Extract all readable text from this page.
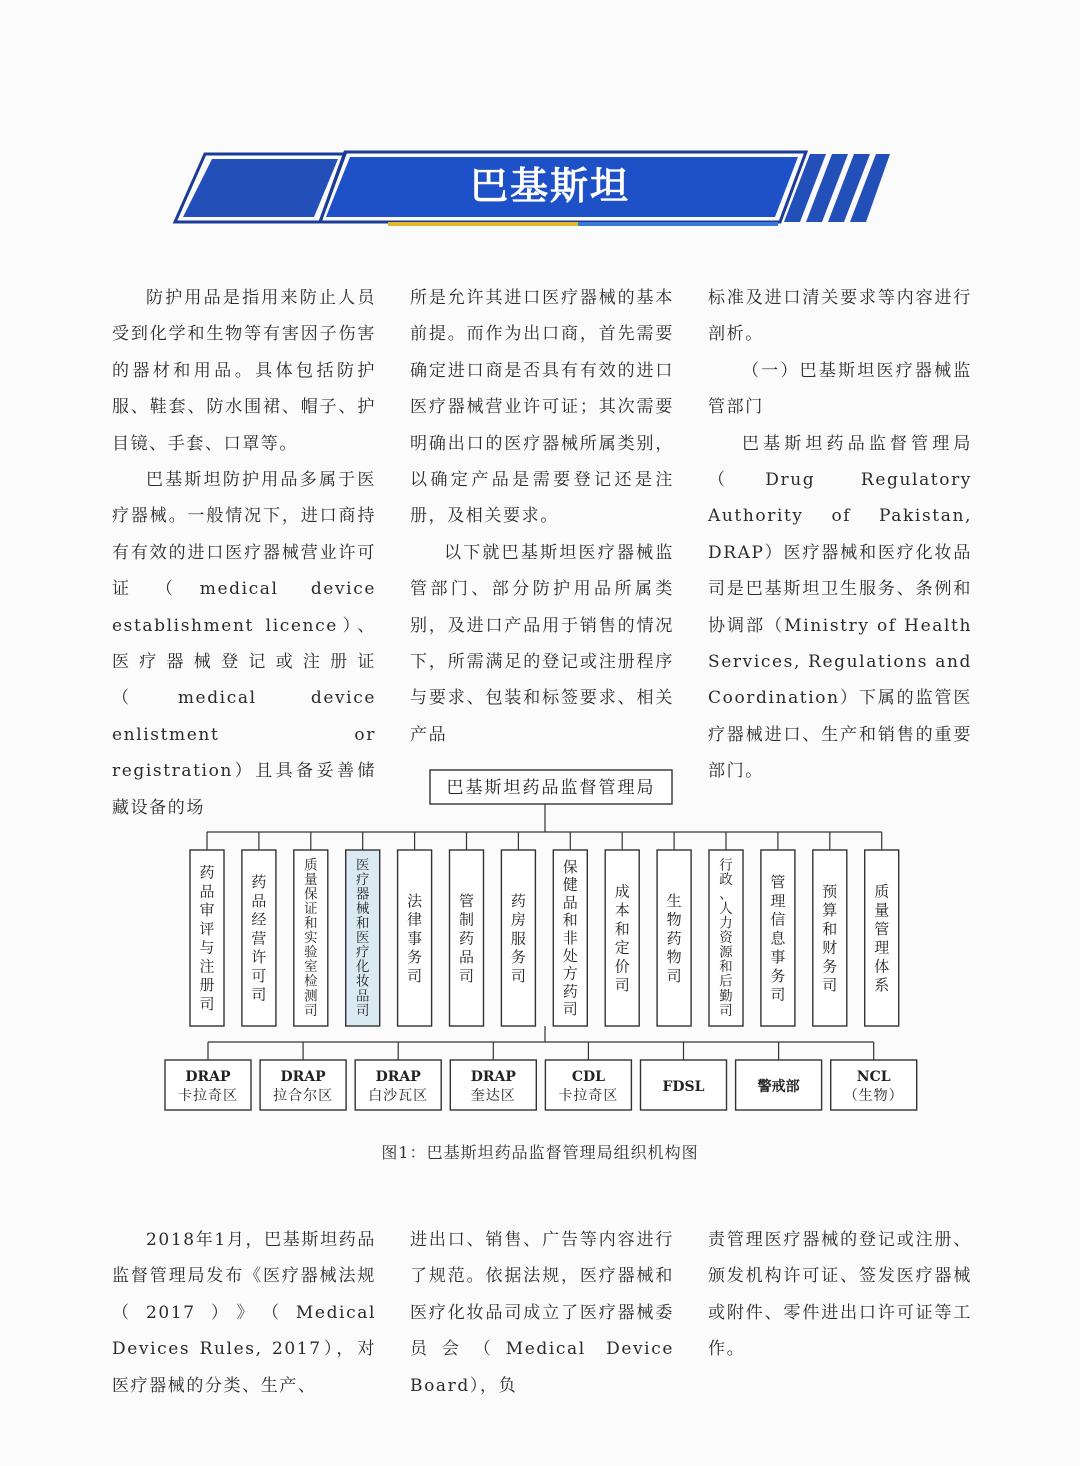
巴基斯坦

防护用品是指用来防止人员受到化学和生物等有害因子伤害的器材和用品。具体包括防护服、鞋套、防水围裙、帽子、护目镜、手套、口罩等。

巴基斯坦防护用品多属于医疗器械。一般情况下，进口商持有有效的进口医疗器械营业许可证（medical device establishment licence）、医疗器械登记或注册证（medical device enlistment or registration）且具备妥善储藏设备的场

所是允许其进口医疗器械的基本前提。而作为出口商，首先需要确定进口商是否具有有效的进口医疗器械营业许可证；其次需要明确出口的医疗器械所属类别，以确定产品是需要登记还是注册，及相关要求。

以下就巴基斯坦医疗器械监管部门、部分防护用品所属类别，及进口产品用于销售的情况下，所需满足的登记或注册程序与要求、包装和标签要求、相关产品

标准及进口清关要求等内容进行剖析。

（一）巴基斯坦医疗器械监管部门

巴基斯坦药品监督管理局（Drug Regulatory Authority of Pakistan, DRAP）医疗器械和医疗化妆品司是巴基斯坦卫生服务、条例和协调部（Ministry of Health Services, Regulations and Coordination）下属的监管医疗器械进口、生产和销售的重要部门。

巴基斯坦药品监督管理局
药品审评与注册司
药品经营许可司
质量保证和实验室检测司
医疗器械和医疗化妆品司
法律事务司
管制药品司
药房服务司
保健品和非处方药司
成本和定价司
生物药物司
行政、人力资源和后勤司
管理信息事务司
预算和财务司
质量管理体系
DRAP
卡拉奇区
DRAP
拉合尔区
DRAP
白沙瓦区
DRAP
奎达区
CDL
卡拉奇区
FDSL	警戒部
NCL
（生物）
图1：巴基斯坦药品监督管理局组织机构图

2018年1月，巴基斯坦药品监督管理局发布《医疗器械法规（2017）》（Medical Devices Rules, 2017），对医疗器械的分类、生产、

进出口、销售、广告等内容进行了规范。依据法规，医疗器械和医疗化妆品司成立了医疗器械委员会（Medical Device Board），负

责管理医疗器械的登记或注册、颁发机构许可证、签发医疗器械或附件、零件进出口许可证等工作。
